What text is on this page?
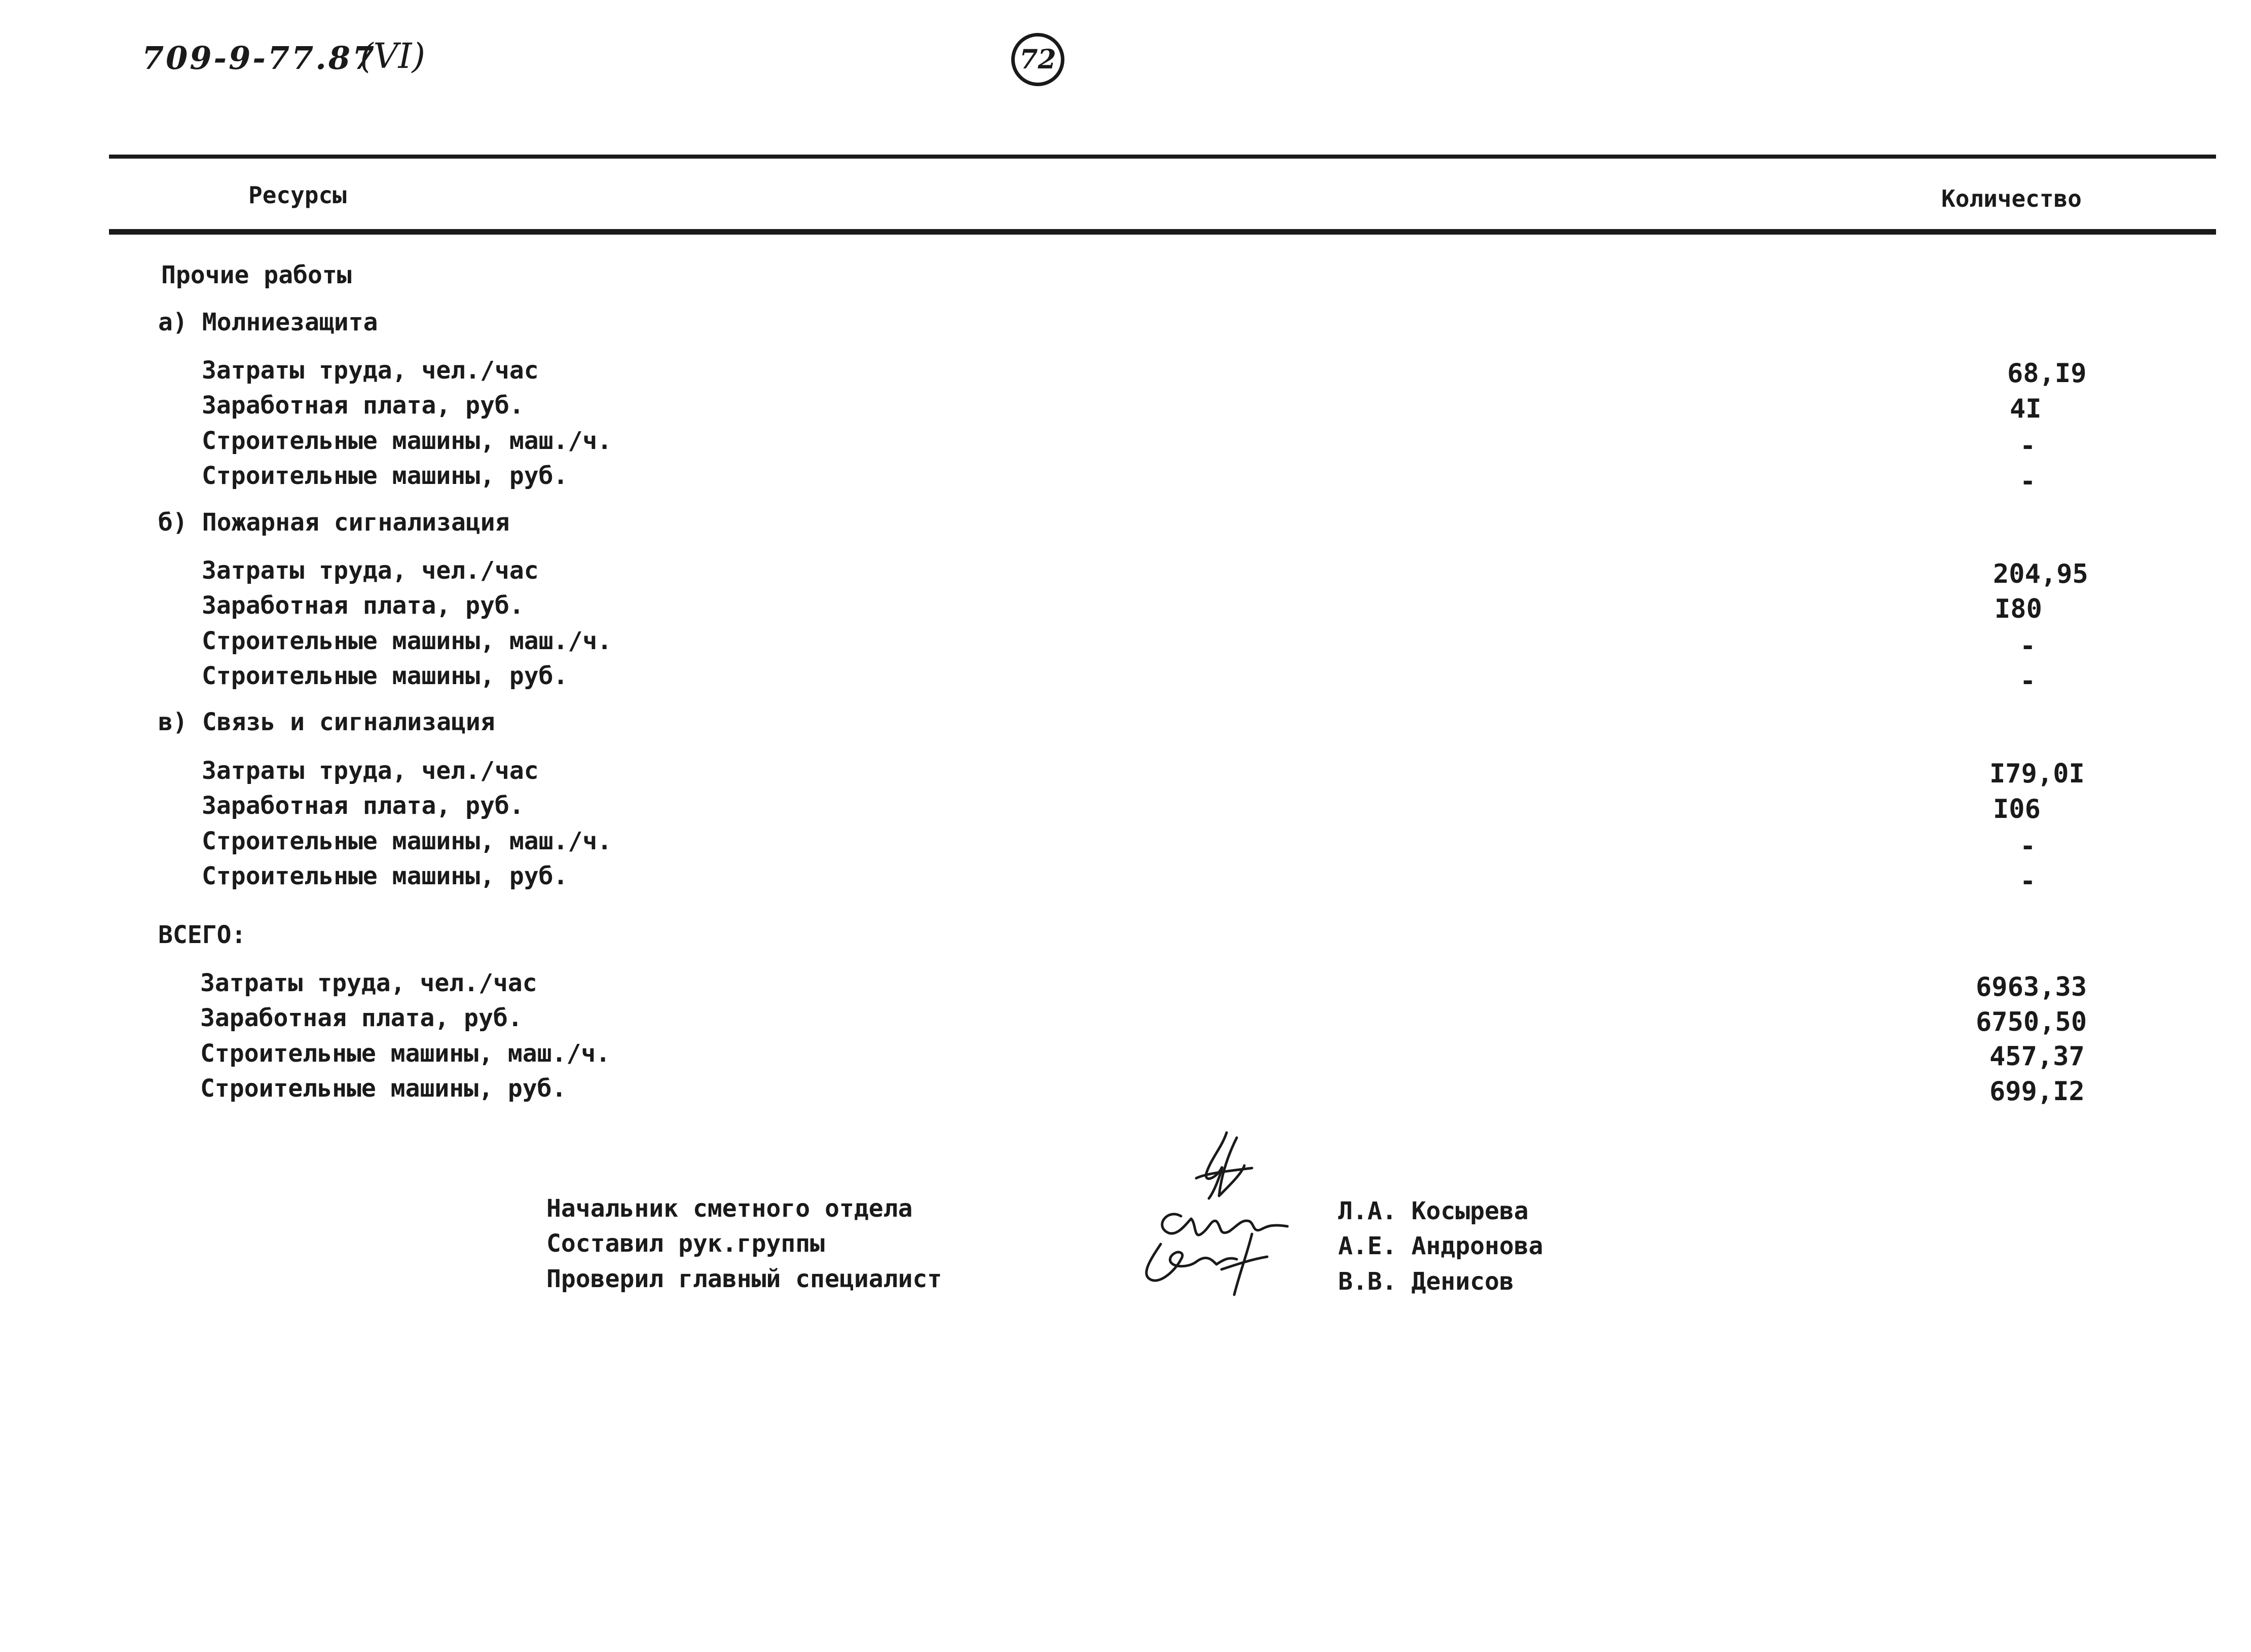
709-9-77.87
(VI)	72
Ресурсы	Количество
Прочие работы
а) Молниезащита
Затраты труда, чел./час	68,I9
Заработная плата, руб.	4I
Строительные машины, маш./ч.	-
Строительные машины, руб.	-
б) Пожарная сигнализация
Затраты труда, чел./час	204,95
Заработная плата, руб.	I80
Строительные машины, маш./ч.	-
Строительные машины, руб.	-
в) Связь и сигнализация
Затраты труда, чел./час	I79,0I
Заработная плата, руб.	I06
Строительные машины, маш./ч.	-
Строительные машины, руб.	-
ВСЕГО:
Затраты труда, чел./час	6963,33
Заработная плата, руб.	6750,50
Строительные машины, маш./ч.	457,37
Строительные машины, руб.	699,I2
Начальник сметного отдела
Составил рук.группы
Проверил главный специалист
Л.А. Косырева
А.Е. Андронова
В.В. Денисов
